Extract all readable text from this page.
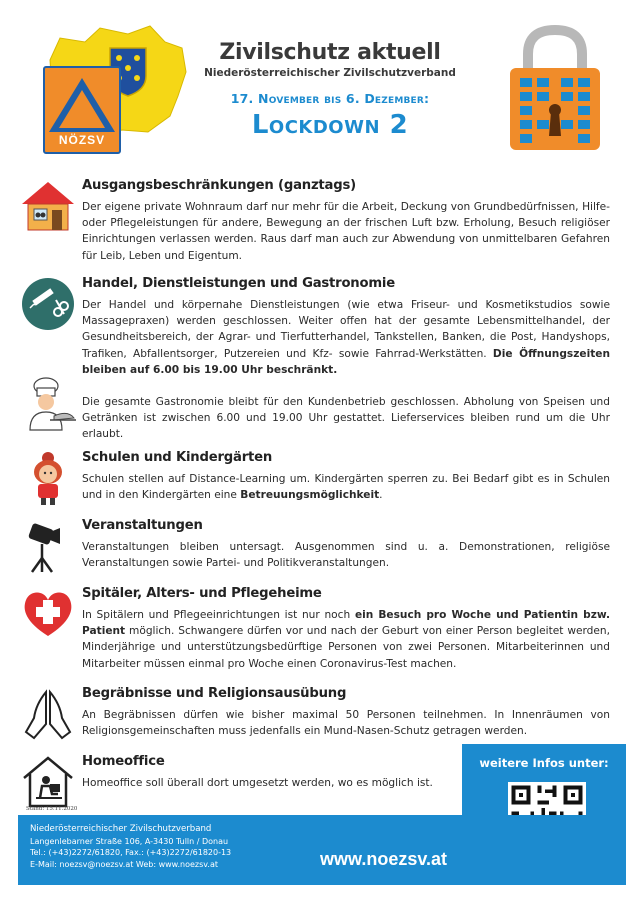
NÖZSV
Zivilschutz aktuell
Niederösterreichischer Zivilschutzverband
17. November bis 6. Dezember:
Lockdown 2
Ausgangsbeschränkungen (ganztags)
Der eigene private Wohnraum darf nur mehr für die Arbeit, Deckung von Grundbedürfnissen, Hilfe- oder Pflegeleistungen für andere, Bewegung an der frischen Luft bzw. Erholung, Besuch religiöser Einrichtungen verlassen werden. Raus darf man auch zur Abwendung von unmittelbaren Gefahren für Leib, Leben und Eigentum.
Handel, Dienstleistungen und Gastronomie
Der Handel und körpernahe Dienstleistungen (wie etwa Friseur- und Kosmetikstudios sowie Massagepraxen) werden geschlossen. Weiter offen hat der gesamte Lebensmittelhandel, der Gesundheitsbereich, der Agrar- und Tierfutterhandel, Tankstellen, Banken, die Post, Handyshops, Trafiken, Abfallentsorger, Putzereien und Kfz- sowie Fahrrad-Werkstätten. Die Öffnungszeiten bleiben auf 6.00 bis 19.00 Uhr beschränkt.
Die gesamte Gastronomie bleibt für den Kundenbetrieb geschlossen. Abholung von Speisen und Getränken ist zwischen 6.00 und 19.00 Uhr gestattet. Lieferservices bleiben rund um die Uhr erlaubt.
Schulen und Kindergärten
Schulen stellen auf Distance-Learning um. Kindergärten sperren zu. Bei Bedarf gibt es in Schulen und in den Kindergärten eine Betreuungsmöglichkeit.
Veranstaltungen
Veranstaltungen bleiben untersagt. Ausgenommen sind u. a. Demonstrationen, religiöse Veranstaltungen sowie Partei- und Politikveranstaltungen.
Spitäler, Alters- und Pflegeheime
In Spitälern und Pflegeeinrichtungen ist nur noch ein Besuch pro Woche und Patientin bzw. Patient möglich. Schwangere dürfen vor und nach der Geburt von einer Person begleitet werden, Minderjährige und unterstützungsbedürftige Personen von zwei Personen. Mitarbeiterinnen und Mitarbeiter müssen einmal pro Woche einen Coronavirus-Test machen.
Begräbnisse und Religionsausübung
An Begräbnissen dürfen wie bisher maximal 50 Personen teilnehmen. In Innenräumen von Religionsgemeinschaften muss jedenfalls ein Mund-Nasen-Schutz getragen werden.
Homeoffice
Homeoffice soll überall dort umgesetzt werden, wo es möglich ist.
Stand: 15.11.2020
weitere Infos unter:
Niederösterreichischer Zivilschutzverband
Langenlebarner Straße 106, A-3430 Tulln / Donau
Tel.: (+43)2272/61820, Fax.: (+43)2272/61820-13
E-Mail: noezsv@noezsv.at Web: www.noezsv.at	www.noezsv.at
